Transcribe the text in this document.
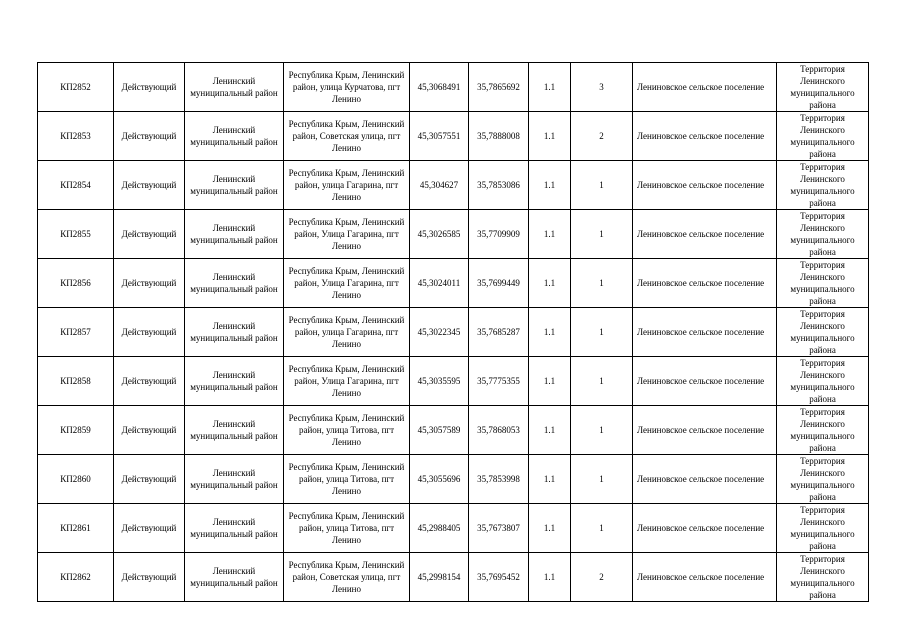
КП2852	Действующий	Ленинский муниципальный район	Республика Крым, Ленинский район, улица Курчатова, пгт Ленино	45,3068491	35,7865692	1.1	3	Лениновское сельское поселение	Территория Ленинского муниципального района
КП2853	Действующий	Ленинский муниципальный район	Республика Крым, Ленинский район, Советская улица, пгт Ленино	45,3057551	35,7888008	1.1	2	Лениновское сельское поселение	Территория Ленинского муниципального района
КП2854	Действующий	Ленинский муниципальный район	Республика Крым, Ленинский район, улица Гагарина, пгт Ленино	45,304627	35,7853086	1.1	1	Лениновское сельское поселение	Территория Ленинского муниципального района
КП2855	Действующий	Ленинский муниципальный район	Республика Крым, Ленинский район, Улица Гагарина, пгт Ленино	45,3026585	35,7709909	1.1	1	Лениновское сельское поселение	Территория Ленинского муниципального района
КП2856	Действующий	Ленинский муниципальный район	Республика Крым, Ленинский район, Улица Гагарина, пгт Ленино	45,3024011	35,7699449	1.1	1	Лениновское сельское поселение	Территория Ленинского муниципального района
КП2857	Действующий	Ленинский муниципальный район	Республика Крым, Ленинский район, улица Гагарина, пгт Ленино	45,3022345	35,7685287	1.1	1	Лениновское сельское поселение	Территория Ленинского муниципального района
КП2858	Действующий	Ленинский муниципальный район	Республика Крым, Ленинский район, Улица Гагарина, пгт Ленино	45,3035595	35,7775355	1.1	1	Лениновское сельское поселение	Территория Ленинского муниципального района
КП2859	Действующий	Ленинский муниципальный район	Республика Крым, Ленинский район, улица Титова, пгт Ленино	45,3057589	35,7868053	1.1	1	Лениновское сельское поселение	Территория Ленинского муниципального района
КП2860	Действующий	Ленинский муниципальный район	Республика Крым, Ленинский район, улица Титова, пгт Ленино	45,3055696	35,7853998	1.1	1	Лениновское сельское поселение	Территория Ленинского муниципального района
КП2861	Действующий	Ленинский муниципальный район	Республика Крым, Ленинский район, улица Титова, пгт Ленино	45,2988405	35,7673807	1.1	1	Лениновское сельское поселение	Территория Ленинского муниципального района
КП2862	Действующий	Ленинский муниципальный район	Республика Крым, Ленинский район, Советская улица, пгт Ленино	45,2998154	35,7695452	1.1	2	Лениновское сельское поселение	Территория Ленинского муниципального района
